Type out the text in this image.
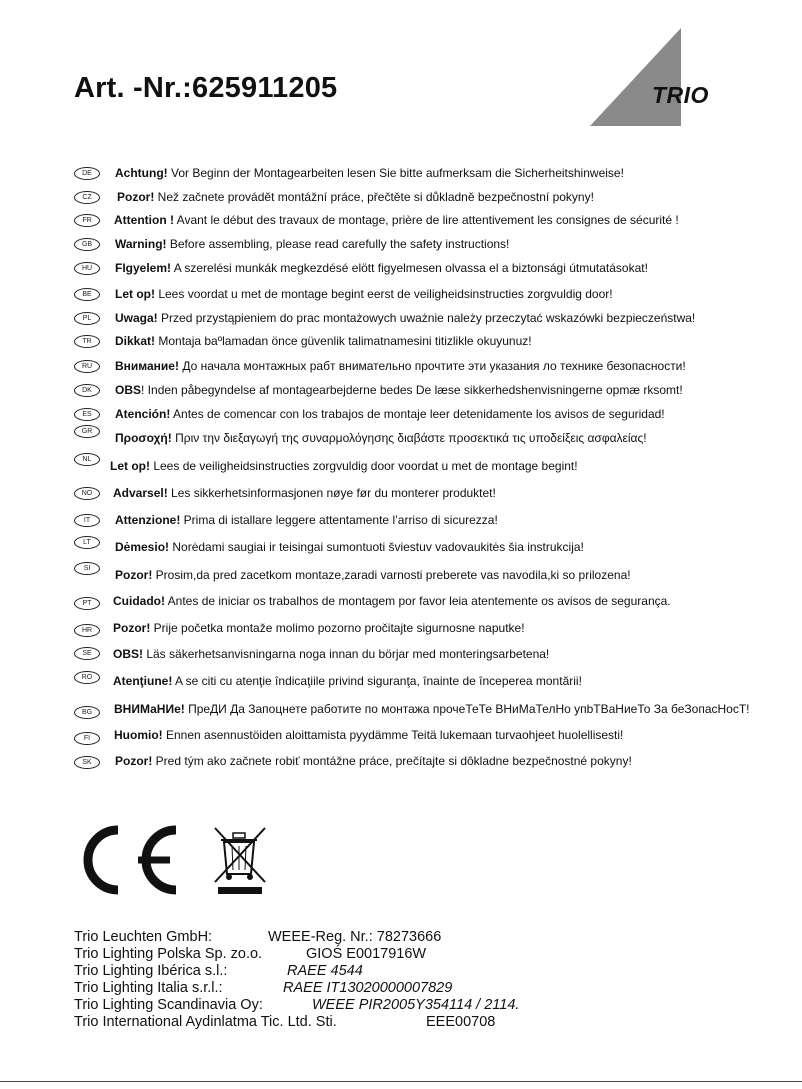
Art. -Nr.:625911205	TRIO
DE	Achtung! Vor Beginn der Montagearbeiten lesen Sie bitte aufmerksam die Sicherheitshinweise!
CZ	Pozor! Než začnete provádět montážní práce, přečtěte si důkladně bezpečnostní pokyny!
FR	Attention ! Avant le début des travaux de montage, prière de lire attentivement les consignes de sécurité !
GB	Warning! Before assembling, please read carefully the safety instructions!
HU	FIgyelem! A szerelési munkák megkezdésé elött figyelmesen olvassa el a biztonsági útmutatásokat!
BE	Let op! Lees voordat u met de montage begint eerst de veiligheidsinstructies zorgvuldig door!
PL	Uwaga! Przed przystąpieniem do prac montażowych uważnie należy przeczytać wskazówki bezpieczeństwa!
TR	Dikkat! Montaja baºlamadan önce güvenlik talimatnamesini titizlikle okuyunuz!
RU	Внимание! До начала монтажных рабт внимательно прочтите эти указания ло технике безопасности!
DK	OBS! Inden påbegyndelse af montagearbejderne bedes De læse sikkerhedshenvisningerne opmæ rksomt!
ES	Atención! Antes de comencar con los trabajos de montaje leer detenidamente los avisos de seguridad!
GR	Προσοχή! Πριν την διεξαγωγή της συναρμολόγησης διαβάστε προσεκτικά τις υποδείξεις ασφαλείας!
NL	Let op! Lees de veiligheidsinstructies zorgvuldig door voordat u met de montage begint!
NO	Advarsel! Les sikkerhetsinformasjonen nøye før du monterer produktet!
IT	Attenzione! Prima di istallare leggere attentamente l’arriso di sicurezza!
LT	Dėmesio! Norėdami saugiai ir teisingai sumontuoti šviestuv vadovaukitės šia instrukcija!
SI	Pozor! Prosim,da pred zacetkom montaze,zaradi varnosti preberete vas navodila,ki so prilozena!
PT	Cuidado! Antes de iniciar os trabalhos de montagem por favor leia atentemente os avisos de segurança.
HR	Pozor! Prije početka montaže molimo pozorno pročitajte sigurnosne naputke!
SE	OBS! Läs säkerhetsanvisningarna noga innan du börjar med monteringsarbetena!
RO	Atenţiune! A se citi cu atenţie îndicaţiile privind siguranţa, înainte de începerea montării!
BG	ВНИМаНИе! ПреДИ Да Запоцнете работите по монтажа прочеТеТе ВНиМаТелНо упbТВаНиеТо За беЗопасНосТ!
FI	Huomio! Ennen asennustöiden aloittamista pyydämme Teitä lukemaan turvaohjeet huolellisesti!
SK	Pozor! Pred tým ako začnete robiť montážne práce, prečítajte si dôkladne bezpečnostné pokyny!
Trio Leuchten GmbH:	WEEE-Reg. Nr.: 78273666
Trio Lighting Polska Sp. zo.o.	GIOŚ E0017916W
Trio Lighting Ibérica s.l.:	RAEE 4544
Trio Lighting Italia s.r.l.:	RAEE IT13020000007829
Trio Lighting Scandinavia Oy:	WEEE PIR2005Y354114 / 2114.
Trio International Aydinlatma Tic. Ltd. Sti.	EEE00708
